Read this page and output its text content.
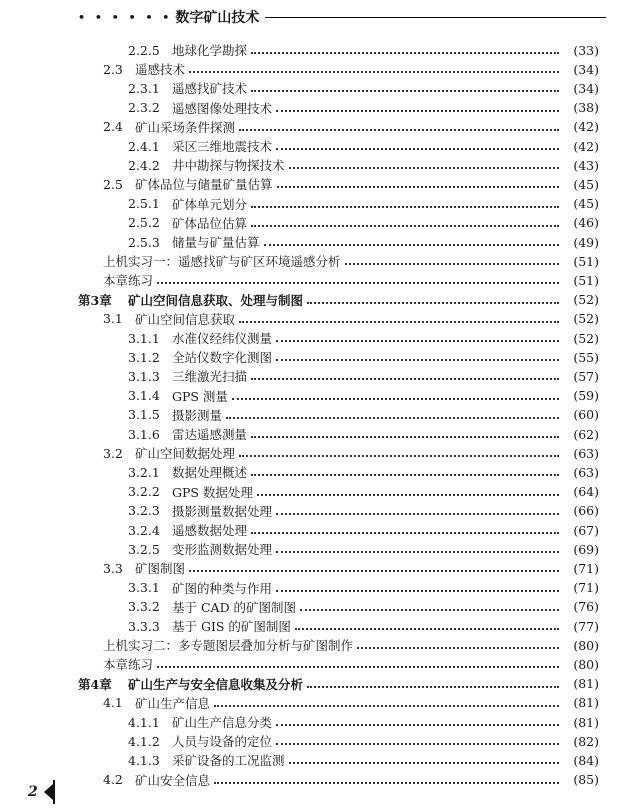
• • • • • • 数字矿山技术
2.2.5 地球化学勘探	(33)
2.3 遥感技术	(34)
2.3.1 遥感找矿技术	(34)
2.3.2 遥感图像处理技术	(38)
2.4 矿山采场条件探测	(42)
2.4.1 采区三维地震技术	(42)
2.4.2 井中勘探与物探技术	(43)
2.5 矿体品位与储量矿量估算	(45)
2.5.1 矿体单元划分	(45)
2.5.2 矿体品位估算	(46)
2.5.3 储量与矿量估算	(49)
上机实习一：遥感找矿与矿区环境遥感分析	(51)
本章练习	(51)
第3章	矿山空间信息获取、处理与制图	(52)
3.1 矿山空间信息获取	(52)
3.1.1 水准仪经纬仪测量	(52)
3.1.2 全站仪数字化测图	(55)
3.1.3 三维激光扫描	(57)
3.1.4 GPS 测量	(59)
3.1.5 摄影测量	(60)
3.1.6 雷达遥感测量	(62)
3.2 矿山空间数据处理	(63)
3.2.1 数据处理概述	(63)
3.2.2 GPS 数据处理	(64)
3.2.3 摄影测量数据处理	(66)
3.2.4 遥感数据处理	(67)
3.2.5 变形监测数据处理	(69)
3.3 矿图制图	(71)
3.3.1 矿图的种类与作用	(71)
3.3.2 基于 CAD 的矿图制图	(76)
3.3.3 基于 GIS 的矿图制图	(77)
上机实习二：多专题图层叠加分析与矿图制作	(80)
本章练习	(80)
第4章	矿山生产与安全信息收集及分析	(81)
4.1 矿山生产信息	(81)
4.1.1 矿山生产信息分类	(81)
4.1.2 人员与设备的定位	(82)
4.1.3 采矿设备的工况监测	(84)
4.2 矿山安全信息	(85)
2
